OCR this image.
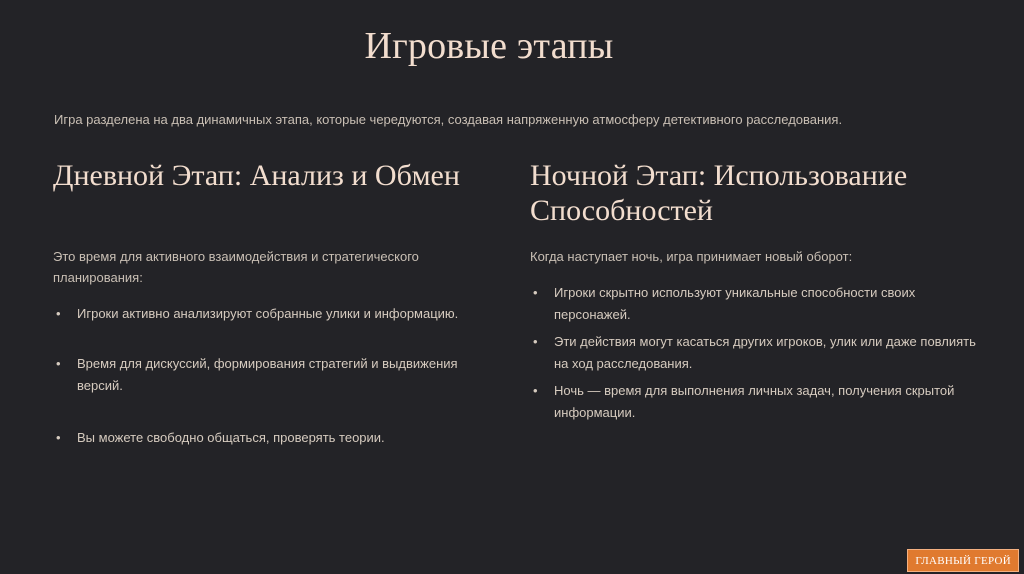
Игровые этапы
Игра разделена на два динамичных этапа, которые чередуются, создавая напряженную атмосферу детективного расследования.
Дневной Этап: Анализ и Обмен
Это время для активного взаимодействия и стратегического планирования:
• Игроки активно анализируют собранные улики и информацию.
• Время для дискуссий, формирования стратегий и выдвижения версий.
• Вы можете свободно общаться, проверять теории.
Ночной Этап: Использование Способностей
Когда наступает ночь, игра принимает новый оборот:
• Игроки скрытно используют уникальные способности своих персонажей.
• Эти действия могут касаться других игроков, улик или даже повлиять на ход расследования.
• Ночь — время для выполнения личных задач, получения скрытой информации.
ГЛАВНЫЙ ГЕРОЙ
